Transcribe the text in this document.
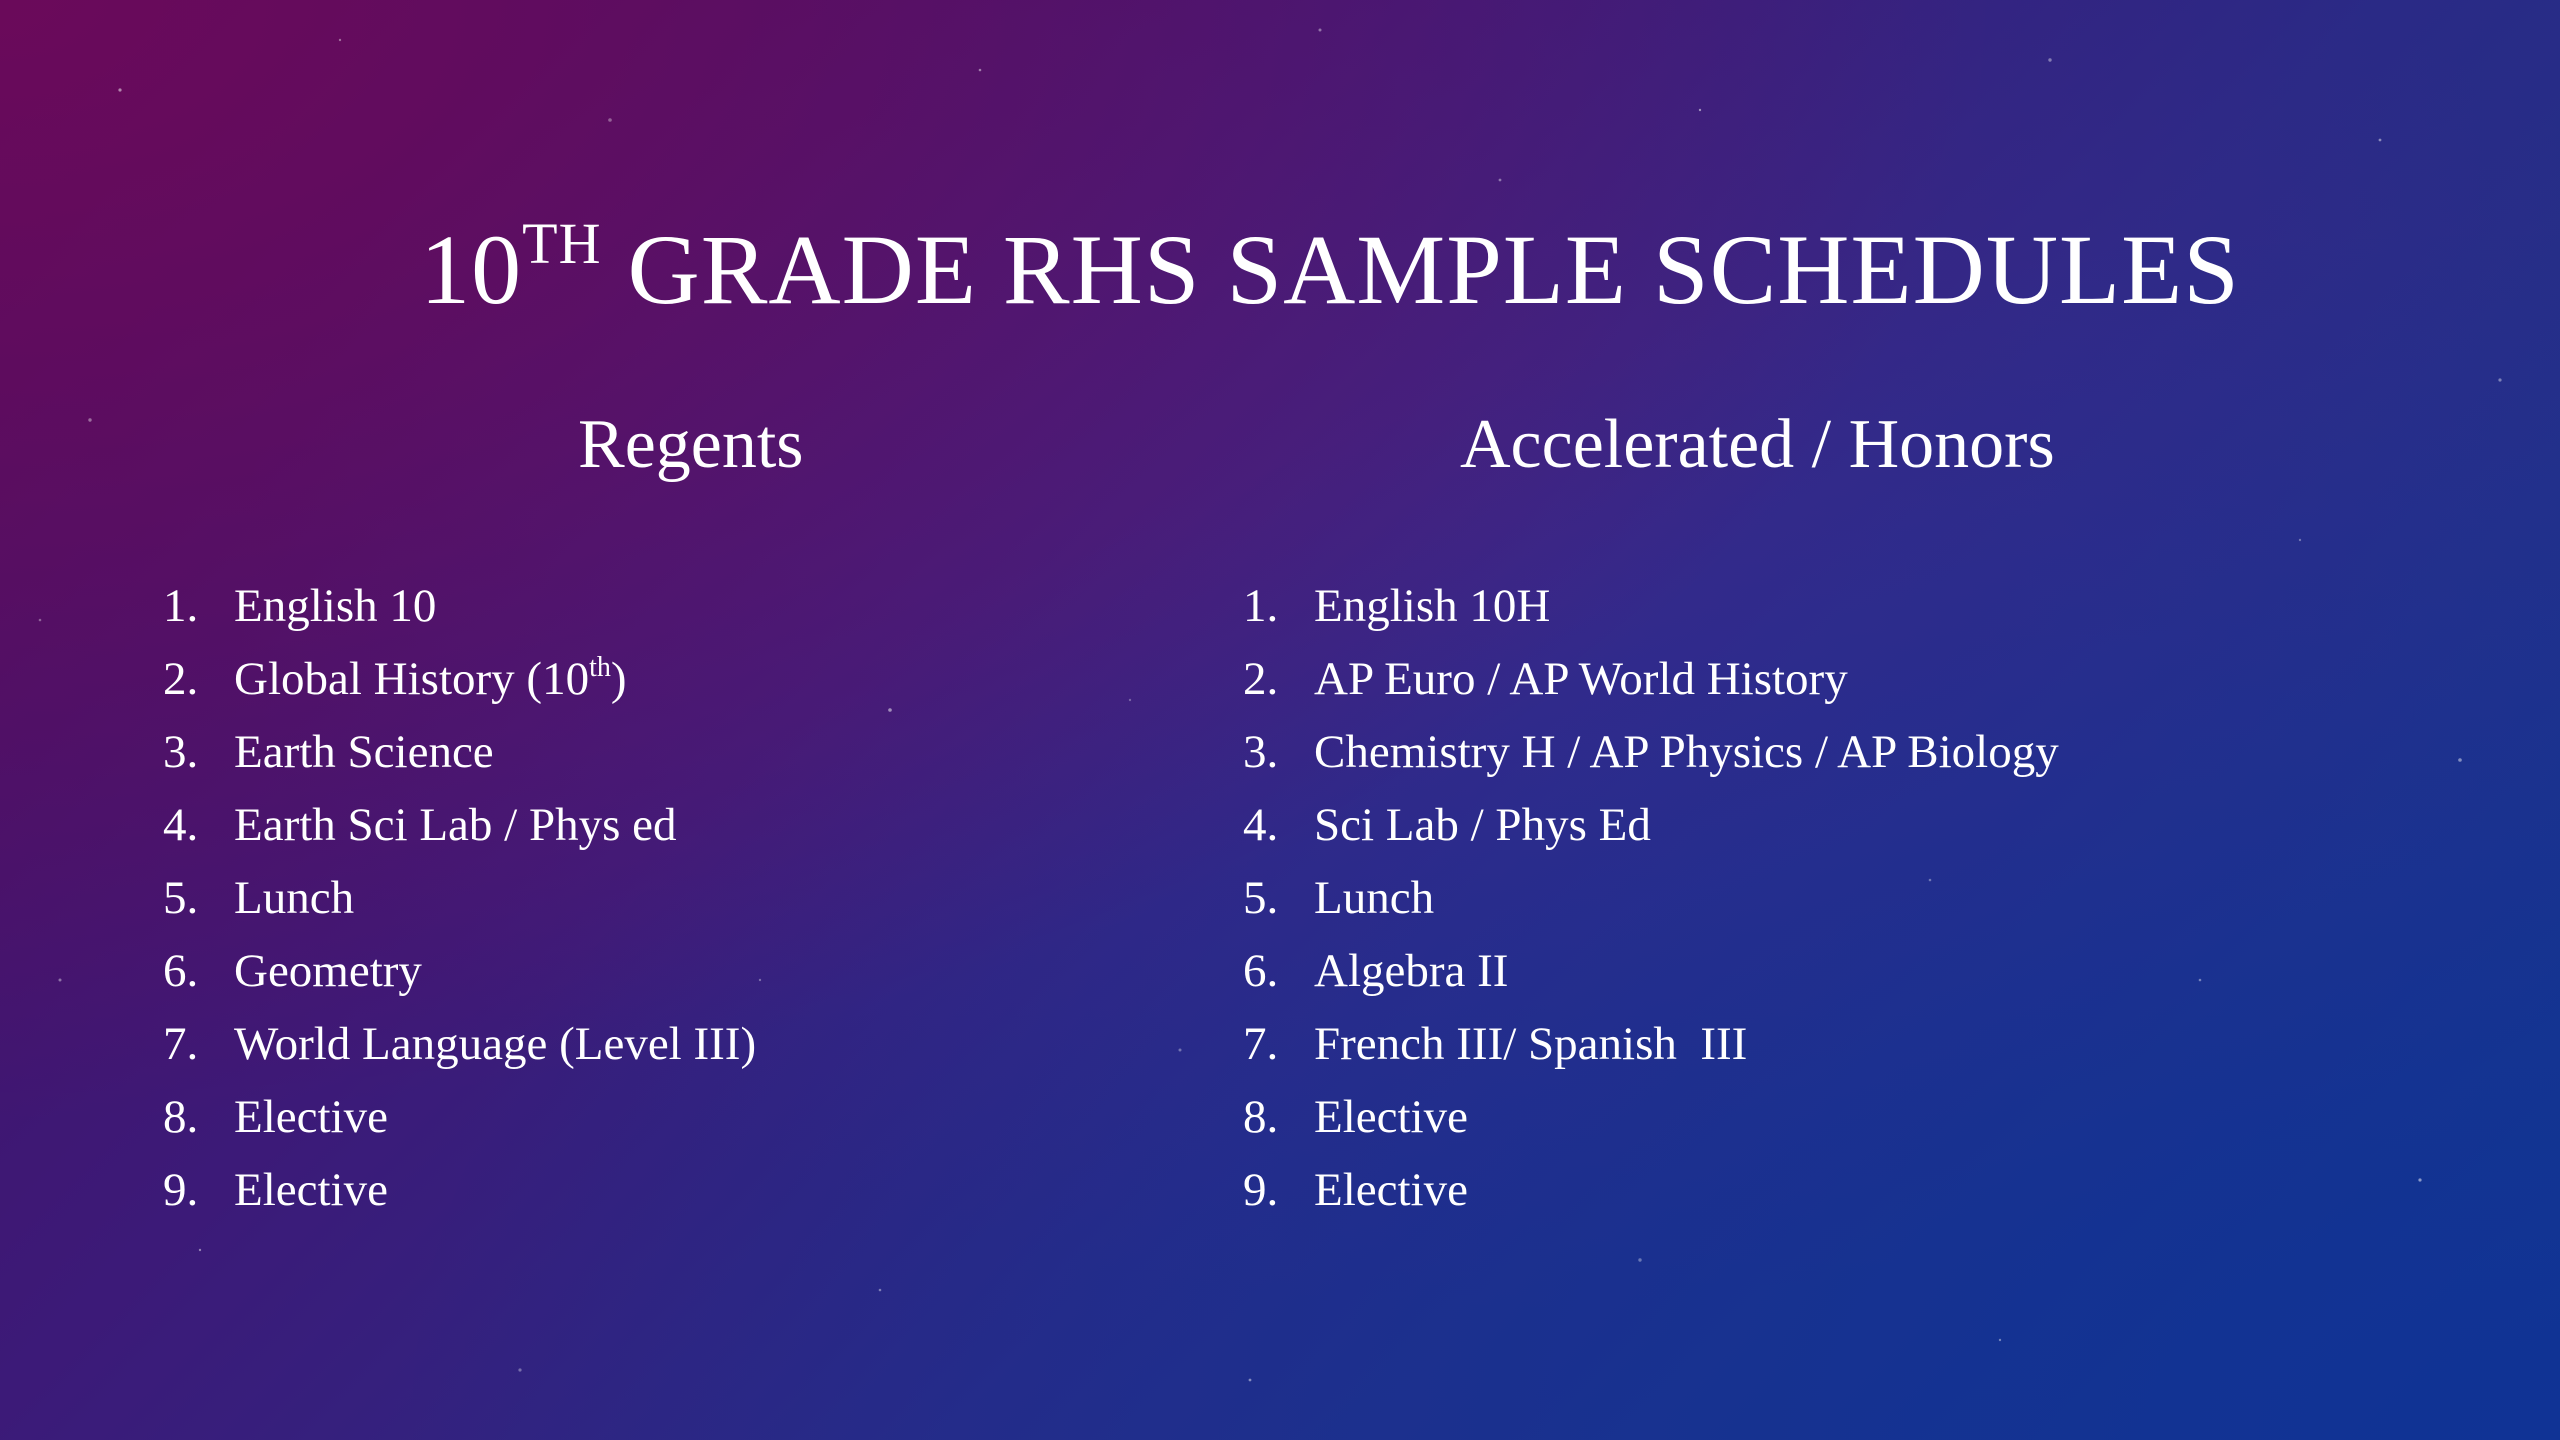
10TH GRADE RHS SAMPLE SCHEDULES
Regents
1. English 10
2. Global History (10th)
3. Earth Science
4. Earth Sci Lab / Phys ed
5. Lunch
6. Geometry
7. World Language (Level III)
8. Elective
9. Elective
Accelerated / Honors
1. English 10H
2. AP Euro / AP World History
3. Chemistry H / AP Physics / AP Biology
4. Sci Lab / Phys Ed
5. Lunch
6. Algebra II
7. French III/ Spanish  III
8. Elective
9. Elective
